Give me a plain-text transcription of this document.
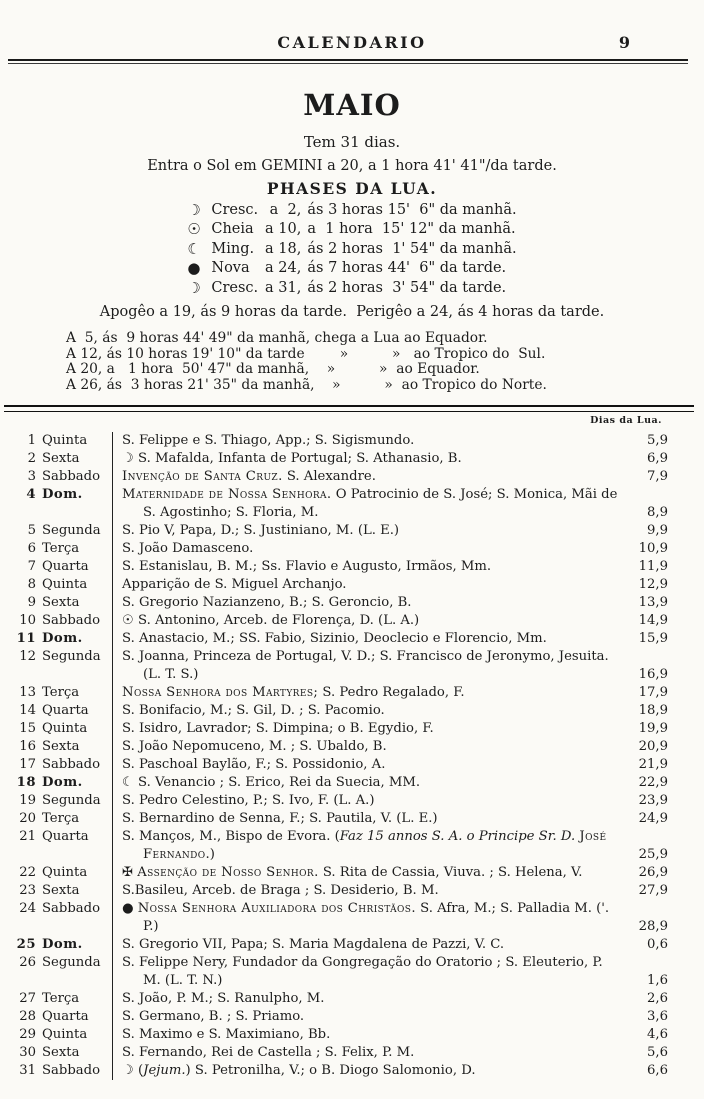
CALENDARIO	9
MAIO
Tem 31 dias.
Entra o Sol em GEMINI a 20, a 1 hora 41' 41"/da tarde.
PHASES DA LUA.
☽ Cresc. a  2, ás 3 horas 15'  6" da manhã.
☉ Cheia a 10, a  1 hora  15' 12" da manhã.
☾ Ming. a 18, ás 2 horas  1' 54" da manhã.
● Nova	a 24, ás 7 horas 44'  6" da tarde.
☽ Cresc. a 31, ás 2 horas  3' 54" da tarde.
Apogêo a 19, ás 9 horas da tarde.  Perigêo a 24, ás 4 horas da tarde.
A  5, ás  9 horas 44' 49" da manhã, chega a Lua ao Equador.
A 12, ás 10 horas 19' 10" da tarde        »          »   ao Tropico do  Sul.
A 20, a   1 hora  50' 47" da manhã,    »          »  ao Equador.
A 26, ás  3 horas 21' 35" da manhã,    »          »  ao Tropico do Norte.
Dias da Lua.
1 Quinta	S. Felippe e S. Thiago, App.; S. Sigismundo.	5,9
2 Sexta	☽ S. Mafalda, Infanta de Portugal; S. Athanasio, B.	6,9
3 Sabbado	Invenção de Santa Cruz. S. Alexandre.	7,9
4 Dom.	Maternidade de Nossa Senhora. O Patrocinio de S. José; S. Monica, Mãi de S. Agostinho; S. Floria, M.	8,9
5 Segunda	S. Pio V, Papa, D.; S. Justiniano, M. (L. E.)	9,9
6 Terça	S. João Damasceno.	10,9
7 Quarta	S. Estanislau, B. M.; Ss. Flavio e Augusto, Irmãos, Mm.	11,9
8 Quinta	Apparição de S. Miguel Archanjo.	12,9
9 Sexta	S. Gregorio Nazianzeno, B.; S. Geroncio, B.	13,9
10 Sabbado	☉ S. Antonino, Arceb. de Florença, D. (L. A.)	14,9
11 Dom.	S. Anastacio, M.; SS. Fabio, Sizinio, Deoclecio e Florencio, Mm.	15,9
12 Segunda	S. Joanna, Princeza de Portugal, V. D.; S. Francisco de Jeronymo, Jesuita. (L. T. S.)	16,9
13 Terça	Nossa Senhora dos Martyres; S. Pedro Regalado, F.	17,9
14 Quarta	S. Bonifacio, M.; S. Gil, D. ; S. Pacomio.	18,9
15 Quinta	S. Isidro, Lavrador; S. Dimpina; o B. Egydio, F.	19,9
16 Sexta	S. João Nepomuceno, M. ; S. Ubaldo, B.	20,9
17 Sabbado	S. Paschoal Baylão, F.; S. Possidonio, A.	21,9
18 Dom.	☾ S. Venancio ; S. Erico, Rei da Suecia, MM.	22,9
19 Segunda	S. Pedro Celestino, P.; S. Ivo, F. (L. A.)	23,9
20 Terça	S. Bernardino de Senna, F.; S. Pautila, V. (L. E.)	24,9
21 Quarta	S. Manços, M., Bispo de Evora. (Faz 15 annos S. A. o Principe Sr. D. José Fernando.)	25,9
22 Quinta	✠ Assenção de Nosso Senhor. S. Rita de Cassia, Viuva. ; S. Helena, V.	26,9
23 Sexta	S.Basileu, Arceb. de Braga ; S. Desiderio, B. M.	27,9
24 Sabbado	● Nossa Senhora Auxiliadora dos Christãos. S. Afra, M.; S. Palladia M. ('. P.)	28,9
25 Dom.	S. Gregorio VII, Papa; S. Maria Magdalena de Pazzi, V. C.	0,6
26 Segunda	S. Felippe Nery, Fundador da Gongregação do Oratorio ; S. Eleuterio, P. M. (L. T. N.)	1,6
27 Terça	S. João, P. M.; S. Ranulpho, M.	2,6
28 Quarta	S. Germano, B. ; S. Priamo.	3,6
29 Quinta	S. Maximo e S. Maximiano, Bb.	4,6
30 Sexta	S. Fernando, Rei de Castella ; S. Felix, P. M.	5,6
31 Sabbado	☽ (Jejum.) S. Petronilha, V.; o B. Diogo Salomonio, D.	6,6
